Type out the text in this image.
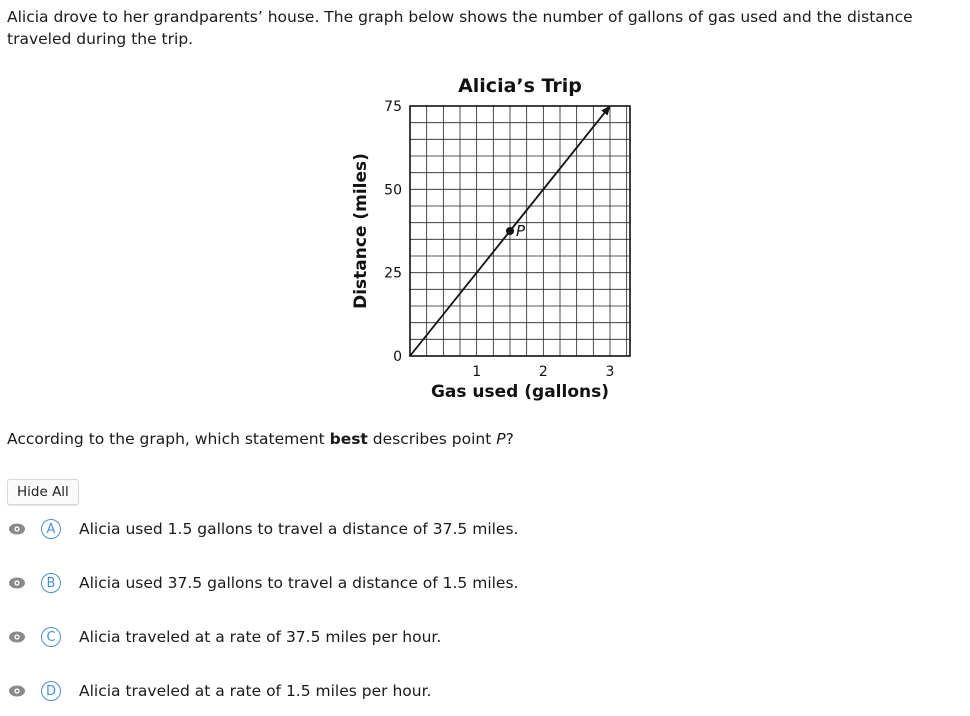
Alicia drove to her grandparents’ house. The graph below shows the number of gallons of gas used and the distance traveled during the trip.

Alicia’s Trip
0
25
50
75
1	2	3
Gas used (gallons)
Distance (miles)	P
According to the graph, which statement best describes point P?
Hide All
A	Alicia used 1.5 gallons to travel a distance of 37.5 miles.
B	Alicia used 37.5 gallons to travel a distance of 1.5 miles.
C	Alicia traveled at a rate of 37.5 miles per hour.
D	Alicia traveled at a rate of 1.5 miles per hour.
